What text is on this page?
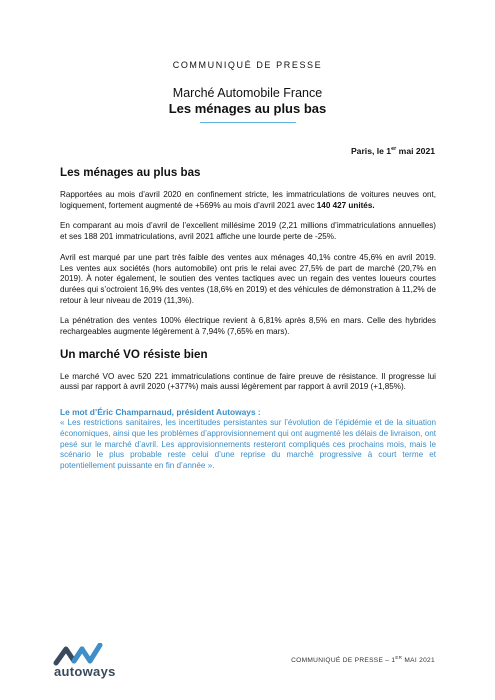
COMMUNIQUÉ DE PRESSE
Marché Automobile France
Les ménages au plus bas
Paris, le 1er mai 2021
Les ménages au plus bas

Rapportées au mois d’avril 2020 en confinement stricte, les immatriculations de voitures neuves ont, logiquement, fortement augmenté de +569% au mois d’avril 2021 avec 140 427 unités.

En comparant au mois d’avril de l’excellent millésime 2019 (2,21 millions d’immatriculations annuelles) et ses 188 201 immatriculations, avril 2021 affiche une lourde perte de -25%.

Avril est marqué par une part très faible des ventes aux ménages 40,1% contre 45,6% en avril 2019. Les ventes aux sociétés (hors automobile) ont pris le relai avec 27,5% de part de marché (20,7% en 2019). À noter également, le soutien des ventes tactiques avec un regain des ventes loueurs courtes durées qui s’octroient 16,9% des ventes (18,6% en 2019) et des véhicules de démonstration à 11,2% de retour à leur niveau de 2019 (11,3%).

La pénétration des ventes 100% électrique revient à 6,81% après 8,5% en mars. Celle des hybrides rechargeables augmente légèrement à 7,94% (7,65% en mars).

Un marché VO résiste bien

Le marché VO avec 520 221 immatriculations continue de faire preuve de résistance. Il progresse lui aussi par rapport à avril 2020 (+377%) mais aussi légèrement par rapport à avril 2019 (+1,85%).

Le mot d’Éric Champarnaud, président Autoways :
« Les restrictions sanitaires, les incertitudes persistantes sur l’évolution de l’épidémie et de la situation économiques, ainsi que les problèmes d’approvisionnement qui ont augmenté les délais de livraison, ont pesé sur le marché d’avril. Les approvisionnements resteront compliqués ces prochains mois, mais le scénario le plus probable reste celui d’une reprise du marché progressive à court terme et potentiellement puissante en fin d’année ».
autoways
COMMUNIQUÉ DE PRESSE – 1ER MAI 2021
